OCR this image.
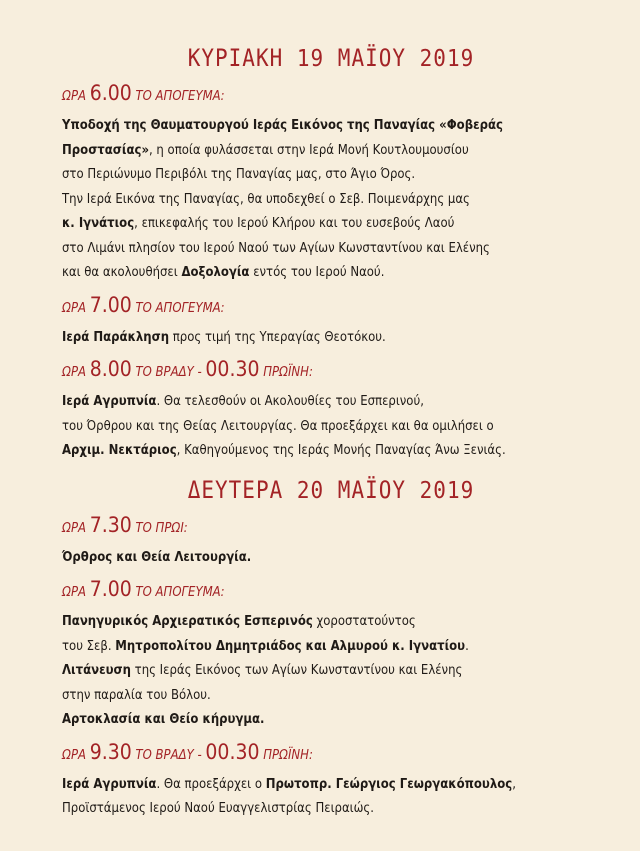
ΚΥΡΙΑΚΗ 19 ΜΑΪΟΥ 2019
ΩΡΑ 6.00 ΤΟ ΑΠΟΓΕΥΜΑ:

Υποδοχή της Θαυματουργού Ιεράς Εικόνος της Παναγίας «Φοβεράς

Προστασίας», η οποία φυλάσσεται στην Ιερά Μονή Κουτλουμουσίου

στο Περιώνυμο Περιβόλι της Παναγίας μας, στο Άγιο Όρος.

Την Ιερά Εικόνα της Παναγίας, θα υποδεχθεί ο Σεβ. Ποιμενάρχης μας

κ. Ιγνάτιος, επικεφαλής του Ιερού Κλήρου και του ευσεβούς Λαού

στο Λιμάνι πλησίον του Ιερού Ναού των Αγίων Κωνσταντίνου και Ελένης

και θα ακολουθήσει Δοξολογία εντός του Ιερού Ναού.

ΩΡΑ 7.00 ΤΟ ΑΠΟΓΕΥΜΑ:

Ιερά Παράκληση προς τιμή της Υπεραγίας Θεοτόκου.

ΩΡΑ 8.00 ΤΟ ΒΡΑΔΥ - 00.30 ΠΡΩΪΝΗ:

Ιερά Αγρυπνία. Θα τελεσθούν οι Ακολουθίες του Εσπερινού,

του Όρθρου και της Θείας Λειτουργίας. Θα προεξάρχει και θα ομιλήσει ο

Αρχιμ. Νεκτάριος, Καθηγούμενος της Ιεράς Μονής Παναγίας Άνω Ξενιάς.

ΔΕΥΤΕΡΑ 20 ΜΑΪΟΥ 2019
ΩΡΑ 7.30 ΤΟ ΠΡΩΙ:

Όρθρος και Θεία Λειτουργία.

ΩΡΑ 7.00 ΤΟ ΑΠΟΓΕΥΜΑ:

Πανηγυρικός Αρχιερατικός Εσπερινός χοροστατούντος

του Σεβ. Μητροπολίτου Δημητριάδος και Αλμυρού κ. Ιγνατίου.

Λιτάνευση της Ιεράς Εικόνος των Αγίων Κωνσταντίνου και Ελένης

στην παραλία του Βόλου.

Αρτοκλασία και Θείο κήρυγμα.

ΩΡΑ 9.30 ΤΟ ΒΡΑΔΥ - 00.30 ΠΡΩΪΝΗ:

Ιερά Αγρυπνία. Θα προεξάρχει ο Πρωτοπρ. Γεώργιος Γεωργακόπουλος,

Προϊστάμενος Ιερού Ναού Ευαγγελιστρίας Πειραιώς.
